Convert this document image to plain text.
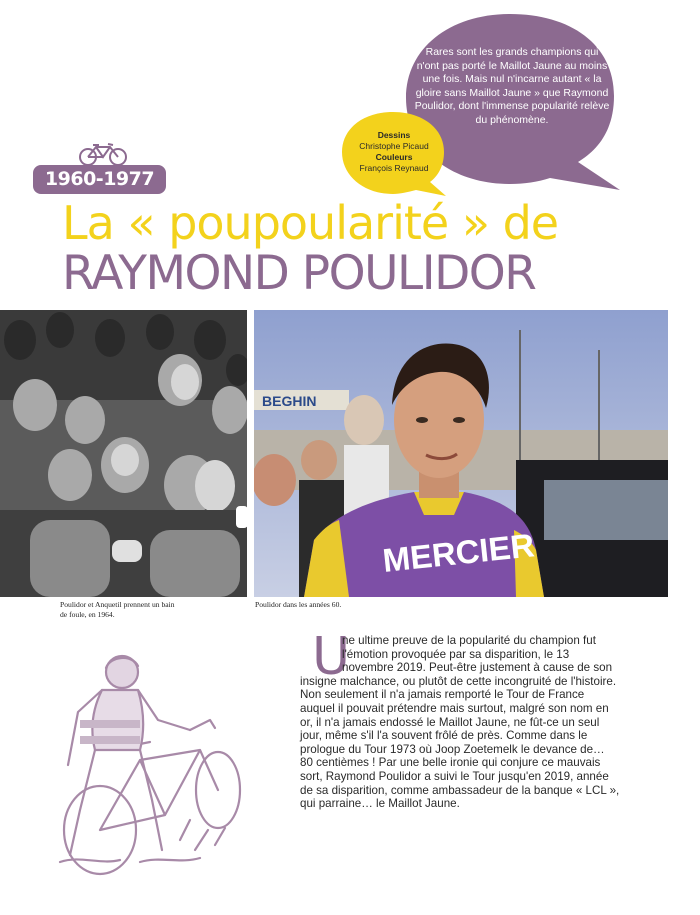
Rares sont les grands champions qui n'ont pas porté le Maillot Jaune au moins une fois. Mais nul n'incarne autant « la gloire sans Maillot Jaune » que Raymond Poulidor, dont l'immense popularité relève du phénomène.
Dessins
Christophe Picaud
Couleurs
François Reynaud
1960-1977
La « poupoularité » de
RAYMOND POULIDOR
BEGHIN
MERCIER
Poulidor et Anquetil prennent un bain de foule, en 1964.
Poulidor dans les années 60.
U

ne ultime preuve de la popularité du champion fut l'émotion provoquée par sa disparition, le 13 novembre 2019. Peut-être justement à cause de son insigne malchance, ou plutôt de cette incongruité de l'histoire. Non seulement il n'a jamais remporté le Tour de France auquel il pouvait prétendre mais surtout, malgré son nom en or, il n'a jamais endossé le Maillot Jaune, ne fût-ce un seul jour, même s'il l'a souvent frôlé de près. Comme dans le prologue du Tour 1973 où Joop Zoetemelk le devance de… 80 centièmes ! Par une belle ironie qui conjure ce mauvais sort, Raymond Poulidor a suivi le Tour jusqu'en 2019, année de sa disparition, comme ambassadeur de la banque « LCL », qui parraine… le Maillot Jaune.
